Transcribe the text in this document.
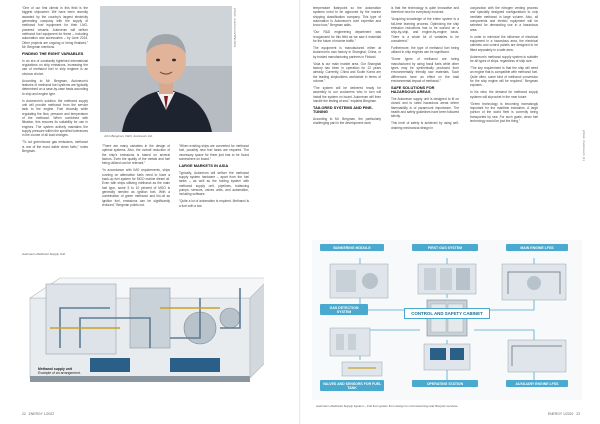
“One of our first clients in this field is the biggest shipowner. We have been recently awarded by the country's largest electricity generating company with the supply of methanol fuel equipment for their LNG-powered vessels. Autoneum will deliver methanol fuel equipment for these – including automation and accessories – by June 2024. Other projects are ongoing or being finalized,” Mr. Bergman mentions.

FINDING THE RIGHT VARIABLES

In an era of constantly tightened international regulations on ship emissions, increasing the use of methanol fuel in ship engines is an obvious choice.

According to Mr. Bergman, Autoneum’s features of methanol fuel systems are typically determined on a case-by-case basis according to ship and engine type.

In Autoneum’s solution, the methanol supply unit will provide methanol from the service tank to the engine. Fuel viscosity while regulating the flow, pressure and temperature of the methanol. When combined with filtration, this ensures its suitability for use in engines. The system actively maintains the supply pressure within the specified tolerances in the course of all load changes.

“To cut greenhouse gas emissions, methanol is one of the most viable clean fuels,” notes Bergman.

John Bergman, CEO, Autoneum Ltd.
photo: Autoneum/Wärtsilä

“There are many variables in the design of optimal systems. Also, the overall reduction of the ship’s emissions is based on several factors. Even the quality of the metals and fuel being utilized can be relevant.”

“In accordance with IMO requirements, ships running on alternative fuels need to have a back-up fuel system for MGO marine diesel oil. Even with ships utilizing methanol as the main fuel type, some 5 to 10 percent of MGO is generally needed as ignition fuel. With a combination of green methanol and bio-oil as ignition fuel, emissions can be significantly reduced,” Bergman points out.

“When existing ships are converted for methanol fuel, possibly new fuel tanks are required. The necessary space for them just has to be found somewhere on board.”

LARGE MARKETS IN ASIA

Typically, Autoneum will deliver the methanol supply system hardware – apart from the fuel tanks – as well as the fueling system with methanol supply unit, pipelines, balancing pumps, sensors, valves units, and automation, including software.

“Quite a lot of automation is required. Methanol is a fuel with a low

Autoneum Methanol Supply Unit.
Methanol supply unit
Example of an arrangement.
22 ENERGY 1/2022

temperature flashpoint so the automation systems need to be approved by the marine shipping classification company. This type of automation is Autoneum’s core expertise and know-how,” Bergman adds.

“Our R&D engineering department was reorganized for this field as we saw it essential for the future of marine traffic.”

The equipment is manufactured either at Autoneum’s own factory in Shanghai, China, or by trusted manufacturing partners in Finland.

“Asia is our main market area. Our Shanghai factory has been in operation for 22 years already. Currently, China and South Korea are the leading shipbuilders worldwide in terms of volume.”

“The system will be delivered ready for assembly to our customers who in turn will install the system on board. Autoneum will then handle the testing at sea,” explains Bergman.

TAILORED SYSTEMS AND FINE-TUNING

According to Mr. Bergman, the particularly challenging part in the development work

is that the technology is quite innovative and therefore new for everybody involved.

“Acquiring knowledge of the entire system is a full-time learning process. Optimizing the ship emission reductions has to be worked on a ship-by-ship, and engine-by-engine basis. There is a whole lot of variables to be considered.”

Furthermore, the type of methanol fuel being utilized in ship engines can be significant.

“Some types of methanol are being manufactured by using fossil fuels while other types may be synthetically produced from environmentally friendly raw materials. Such differences have an effect on the total environmental impact of methanol.”

SAFE SOLUTIONS FOR HAZARDOUS AREAS

The Autoneum supply unit is designed to fit on closed and to rated hazardous areas where flammability is of paramount importance. The health and safety guidelines have been followed strictly.

This level of safety is achieved by using self-draining mechanical design in

conjunction with the nitrogen venting process and specially designed configurations to only ventilate methanol in large volume. Also, all components and electric equipment will be selected for demanding use in a hazardous area.

In order to minimize the influence of electrical equipment in a hazardous area, the electrical cabinets and control panels are designed to be fitted separately in a safe area.

Autoneum’s methanol supply system is suitable for all types of ships, regardless of ship size.

“The key requirement is that the ship will need an engine that is compatible with methanol fuel. Quite often, some kind of methanol conversion for the ship engine will be required,” Bergman explains.

In his view, the demand for methanol supply systems will skyrocket in the near future.

“Green technology is becoming increasingly important for the maritime industries. A large portion of the world fleet is currently being transported by sea. For such goals, clean fuel technology would be just the thing,”

photo: Autoneum (1)
BUNKERING MODULE	FIRST GAS SYSTEM	MAIN ENGINE LFSS
GAS DETECTION SYSTEM	CONTROL AND SAFETY CABINET
VALVES AND SENSORS FOR FUEL TANK
OPERATING STATION	AUXILIARY ENGINE LFSS
Autoneum Methanol Supply System – Full fuel system from design to commissioning and lifecycle services.
ENERGY 1/2022 23
